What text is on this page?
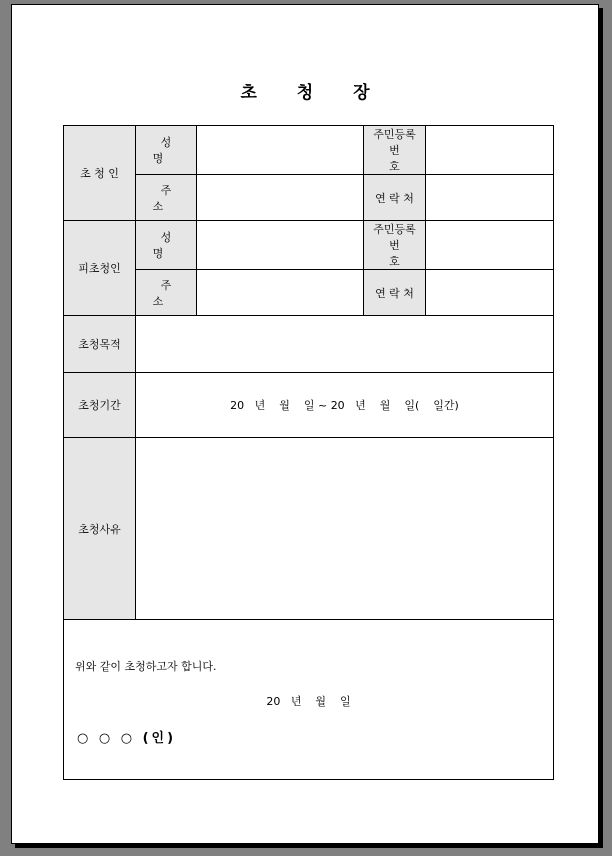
초 청 장
초 청 인	성 명		주민등록
번 호	

	주 소		연 락 처	
피초청인	성 명		주민등록
번 호	

	주 소		연 락 처	
초청목적				
초청기간	20   년    월    일 ~ 20   년    월    일(    일간)			
초청사유				

위와 같이 초청하고자 합니다.
20   년    월    일
○ ○ ○ (인)				
